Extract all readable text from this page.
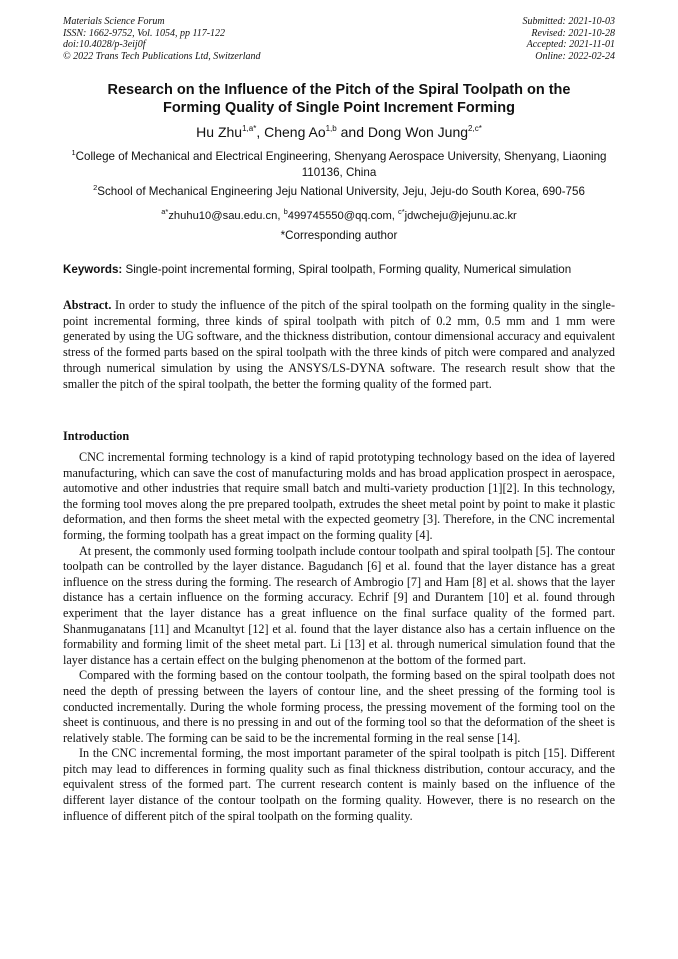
Materials Science Forum
ISSN: 1662-9752, Vol. 1054, pp 117-122
doi:10.4028/p-3eij0f
© 2022 Trans Tech Publications Ltd, Switzerland
Submitted: 2021-10-03
Revised: 2021-10-28
Accepted: 2021-11-01
Online: 2022-02-24
Research on the Influence of the Pitch of the Spiral Toolpath on the
Forming Quality of Single Point Increment Forming
Hu Zhu$^{1,a*}$, Cheng Ao$^{1,b}$ and Dong Won Jung$^{2,c*}$
$^1$College of Mechanical and Electrical Engineering, Shenyang Aerospace University, Shenyang, Liaoning 110136, China
$^2$School of Mechanical Engineering Jeju National University, Jeju, Jeju-do South Korea, 690-756
$^{a*}$zhuhu10@sau.edu.cn, $^b$499745550@qq.com, $^{c*}$jdwcheju@jejunu.ac.kr
*Corresponding author
Keywords: Single-point incremental forming, Spiral toolpath, Forming quality, Numerical simulation
Abstract. In order to study the influence of the pitch of the spiral toolpath on the forming quality in the single-point incremental forming, three kinds of spiral toolpath with pitch of 0.2 mm, 0.5 mm and 1 mm were generated by using the UG software, and the thickness distribution, contour dimensional accuracy and equivalent stress of the formed parts based on the spiral toolpath with the three kinds of pitch were compared and analyzed through numerical simulation by using the ANSYS/LS-DYNA software. The research result show that the smaller the pitch of the spiral toolpath, the better the forming quality of the formed part.
Introduction

CNC incremental forming technology is a kind of rapid prototyping technology based on the idea of layered manufacturing, which can save the cost of manufacturing molds and has broad application prospect in aerospace, automotive and other industries that require small batch and multi-variety production [1][2]. In this technology, the forming tool moves along the pre prepared toolpath, extrudes the sheet metal point by point to make it plastic deformation, and then forms the sheet metal with the expected geometry [3]. Therefore, in the CNC incremental forming, the forming toolpath has a great impact on the forming quality [4].

At present, the commonly used forming toolpath include contour toolpath and spiral toolpath [5]. The contour toolpath can be controlled by the layer distance. Bagudanch [6] et al. found that the layer distance has a great influence on the stress during the forming. The research of Ambrogio [7] and Ham [8] et al. shows that the layer distance has a certain influence on the forming accuracy. Echrif [9] and Durantem [10] et al. found through experiment that the layer distance has a great influence on the final surface quality of the formed part. Shanmuganatans [11] and Mcanultyt [12] et al. found that the layer distance also has a certain influence on the formability and forming limit of the sheet metal part. Li [13] et al. through numerical simulation found that the layer distance has a certain effect on the bulging phenomenon at the bottom of the formed part.

Compared with the forming based on the contour toolpath, the forming based on the spiral toolpath does not need the depth of pressing between the layers of contour line, and the sheet pressing of the forming tool is conducted incrementally. During the whole forming process, the pressing movement of the forming tool on the sheet is continuous, and there is no pressing in and out of the forming tool so that the deformation of the sheet is relatively stable. The forming can be said to be the incremental forming in the real sense [14].

In the CNC incremental forming, the most important parameter of the spiral toolpath is pitch [15]. Different pitch may lead to differences in forming quality such as final thickness distribution, contour accuracy, and the equivalent stress of the formed part. The current research content is mainly based on the influence of the different layer distance of the contour toolpath on the forming quality. However, there is no research on the influence of different pitch of the spiral toolpath on the forming quality.
